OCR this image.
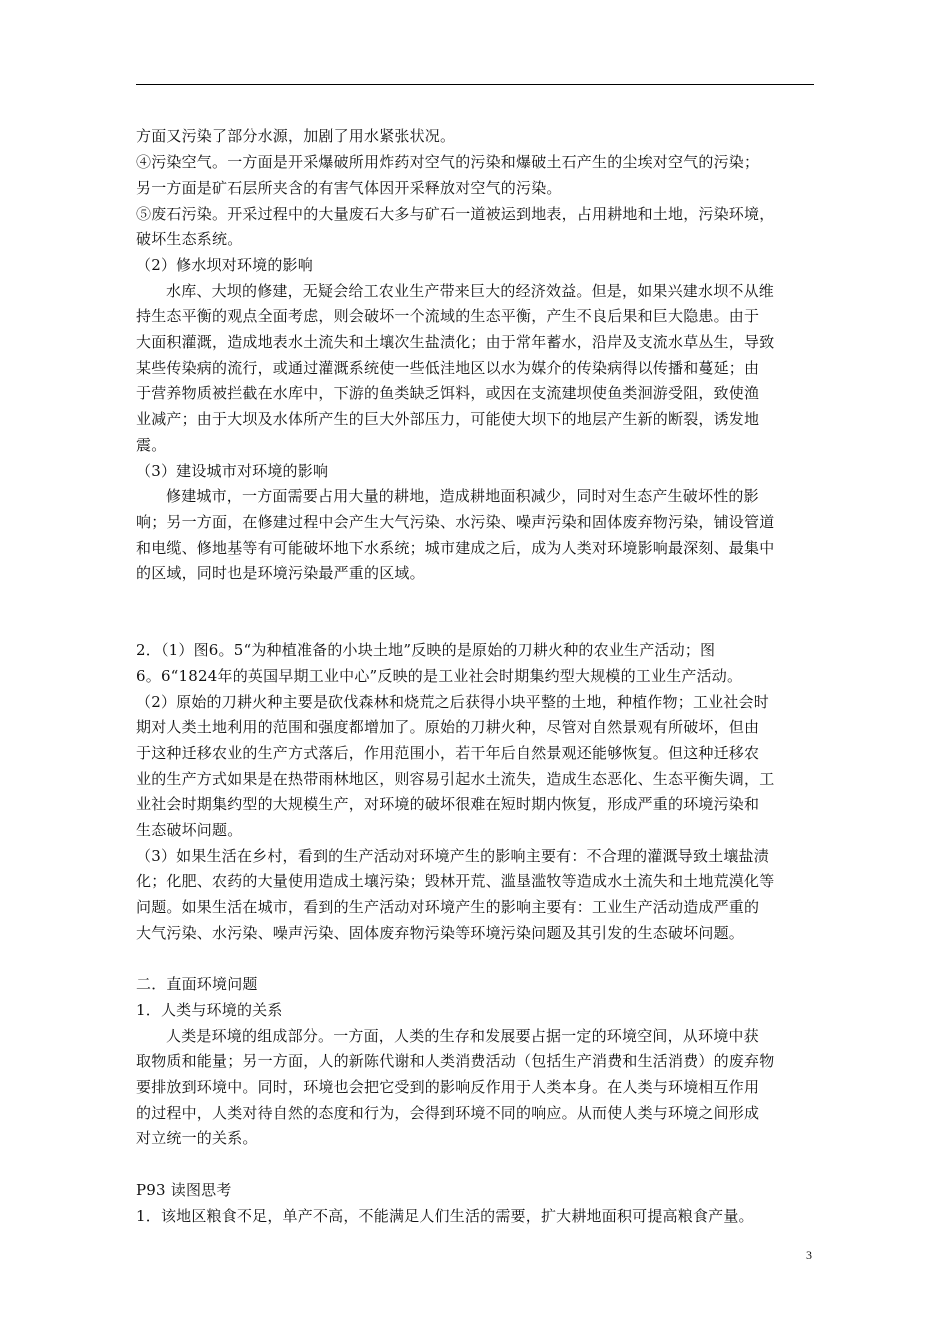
方面又污染了部分水源，加剧了用水紧张状况。
④污染空气。一方面是开采爆破所用炸药对空气的污染和爆破土石产生的尘埃对空气的污染；
另一方面是矿石层所夹含的有害气体因开采释放对空气的污染。
⑤废石污染。开采过程中的大量废石大多与矿石一道被运到地表，占用耕地和土地，污染环境，
破坏生态系统。
（2）修水坝对环境的影响
水库、大坝的修建，无疑会给工农业生产带来巨大的经济效益。但是，如果兴建水坝不从维
持生态平衡的观点全面考虑，则会破坏一个流域的生态平衡，产生不良后果和巨大隐患。由于
大面积灌溉，造成地表水土流失和土壤次生盐渍化；由于常年蓄水，沿岸及支流水草丛生，导致
某些传染病的流行，或通过灌溉系统使一些低洼地区以水为媒介的传染病得以传播和蔓延；由
于营养物质被拦截在水库中，下游的鱼类缺乏饵料，或因在支流建坝使鱼类洄游受阻，致使渔
业减产；由于大坝及水体所产生的巨大外部压力，可能使大坝下的地层产生新的断裂，诱发地
震。
（3）建设城市对环境的影响
修建城市，一方面需要占用大量的耕地，造成耕地面积减少，同时对生态产生破坏性的影
响；另一方面，在修建过程中会产生大气污染、水污染、噪声污染和固体废弃物污染，铺设管道
和电缆、修地基等有可能破坏地下水系统；城市建成之后，成为人类对环境影响最深刻、最集中
的区域，同时也是环境污染最严重的区域。
2．（1）图6。5“为种植准备的小块土地”反映的是原始的刀耕火种的农业生产活动；图
6。6“1824年的英国早期工业中心”反映的是工业社会时期集约型大规模的工业生产活动。
（2）原始的刀耕火种主要是砍伐森林和烧荒之后获得小块平整的土地，种植作物；工业社会时
期对人类土地利用的范围和强度都增加了。原始的刀耕火种，尽管对自然景观有所破坏，但由
于这种迁移农业的生产方式落后，作用范围小，若干年后自然景观还能够恢复。但这种迁移农
业的生产方式如果是在热带雨林地区，则容易引起水土流失，造成生态恶化、生态平衡失调，工
业社会时期集约型的大规模生产，对环境的破坏很难在短时期内恢复，形成严重的环境污染和
生态破坏问题。
（3）如果生活在乡村，看到的生产活动对环境产生的影响主要有：不合理的灌溉导致土壤盐渍
化；化肥、农药的大量使用造成土壤污染；毁林开荒、滥垦滥牧等造成水土流失和土地荒漠化等
问题。如果生活在城市，看到的生产活动对环境产生的影响主要有：工业生产活动造成严重的
大气污染、水污染、噪声污染、固体废弃物污染等环境污染问题及其引发的生态破坏问题。
二．直面环境问题
1．人类与环境的关系
人类是环境的组成部分。一方面，人类的生存和发展要占据一定的环境空间，从环境中获
取物质和能量；另一方面，人的新陈代谢和人类消费活动（包括生产消费和生活消费）的废弃物
要排放到环境中。同时，环境也会把它受到的影响反作用于人类本身。在人类与环境相互作用
的过程中，人类对待自然的态度和行为，会得到环境不同的响应。从而使人类与环境之间形成
对立统一的关系。
P93 读图思考
1．该地区粮食不足，单产不高，不能满足人们生活的需要，扩大耕地面积可提高粮食产量。
3
